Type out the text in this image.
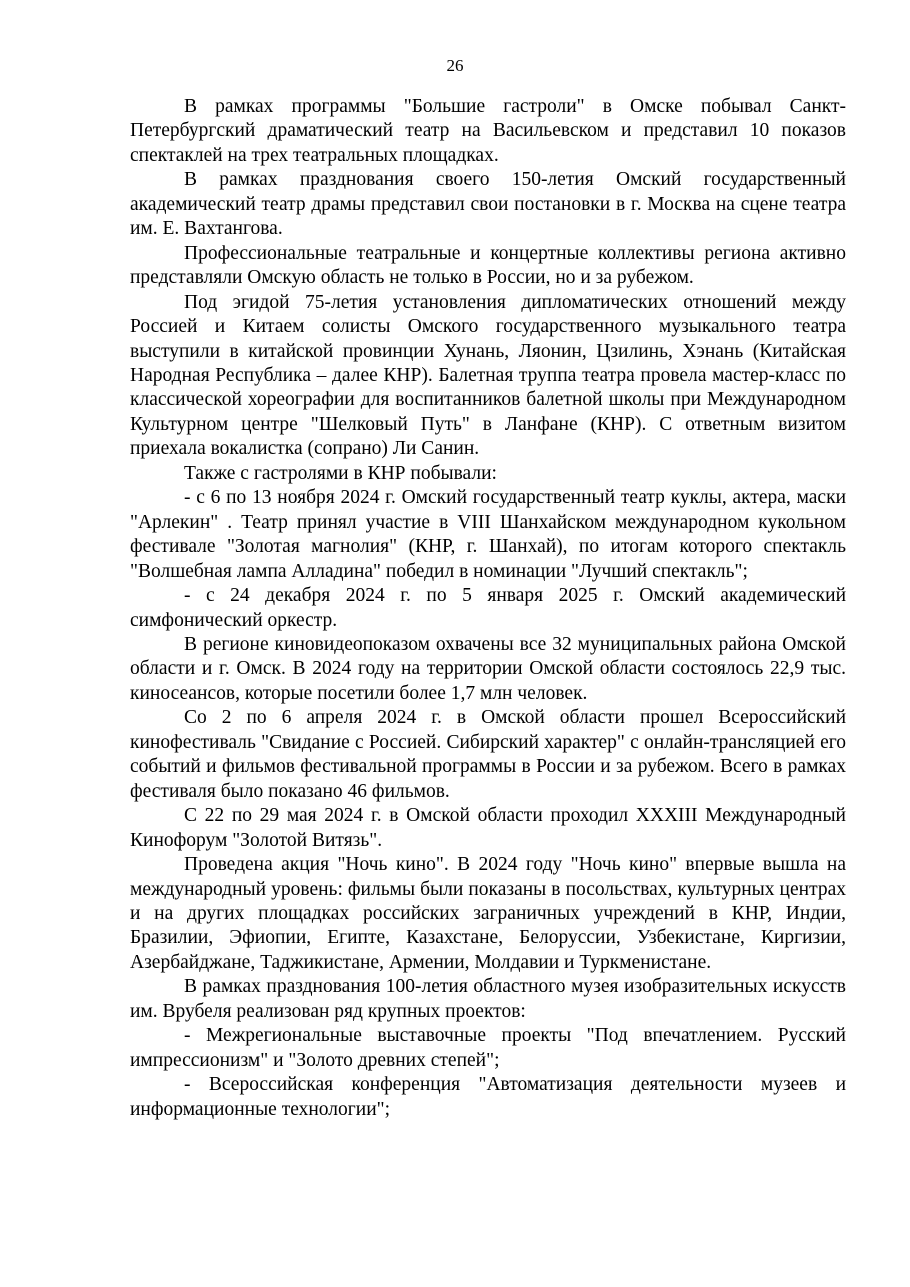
26

В рамках программы "Большие гастроли" в Омске побывал Санкт-Петербургский драматический театр на Васильевском и представил 10 показов спектаклей на трех театральных площадках.

В рамках празднования своего 150-летия Омский государственный академический театр драмы представил свои постановки в г. Москва на сцене театра им. Е. Вахтангова.

Профессиональные театральные и концертные коллективы региона активно представляли Омскую область не только в России, но и за рубежом.

Под эгидой 75-летия установления дипломатических отношений между Россией и Китаем солисты Омского государственного музыкального театра выступили в китайской провинции Хунань, Ляонин, Цзилинь, Хэнань (Китайская Народная Республика – далее КНР). Балетная труппа театра провела мастер-класс по классической хореографии для воспитанников балетной школы при Международном Культурном центре "Шелковый Путь" в Ланфане (КНР). С ответным визитом приехала вокалистка (сопрано) Ли Санин.

Также с гастролями в КНР побывали:

- с 6 по 13 ноября 2024 г. Омский государственный театр куклы, актера, маски "Арлекин" . Театр принял участие в VIII Шанхайском международном кукольном фестивале "Золотая магнолия" (КНР, г. Шанхай), по итогам которого спектакль "Волшебная лампа Алладина" победил в номинации "Лучший спектакль";

- с 24 декабря 2024 г. по 5 января 2025 г. Омский академический симфонический оркестр.

В регионе киновидеопоказом охвачены все 32 муниципальных района Омской области и г. Омск. В 2024 году на территории Омской области состоялось 22,9 тыс. киносеансов, которые посетили более 1,7 млн человек.

Со 2 по 6 апреля 2024 г. в Омской области прошел Всероссийский кинофестиваль "Свидание с Россией. Сибирский характер" с онлайн-трансляцией его событий и фильмов фестивальной программы в России и за рубежом. Всего в рамках фестиваля было показано 46 фильмов.

С 22 по 29 мая 2024 г. в Омской области проходил XXXIII Международный Кинофорум "Золотой Витязь".

Проведена акция "Ночь кино". В 2024 году "Ночь кино" впервые вышла на международный уровень: фильмы были показаны в посольствах, культурных центрах и на других площадках российских заграничных учреждений в КНР, Индии, Бразилии, Эфиопии, Египте, Казахстане, Белоруссии, Узбекистане, Киргизии, Азербайджане, Таджикистане, Армении, Молдавии и Туркменистане.

В рамках празднования 100-летия областного музея изобразительных искусств им. Врубеля реализован ряд крупных проектов:

- Межрегиональные выставочные проекты "Под впечатлением. Русский импрессионизм" и "Золото древних степей";

- Всероссийская конференция "Автоматизация деятельности музеев и информационные технологии";
